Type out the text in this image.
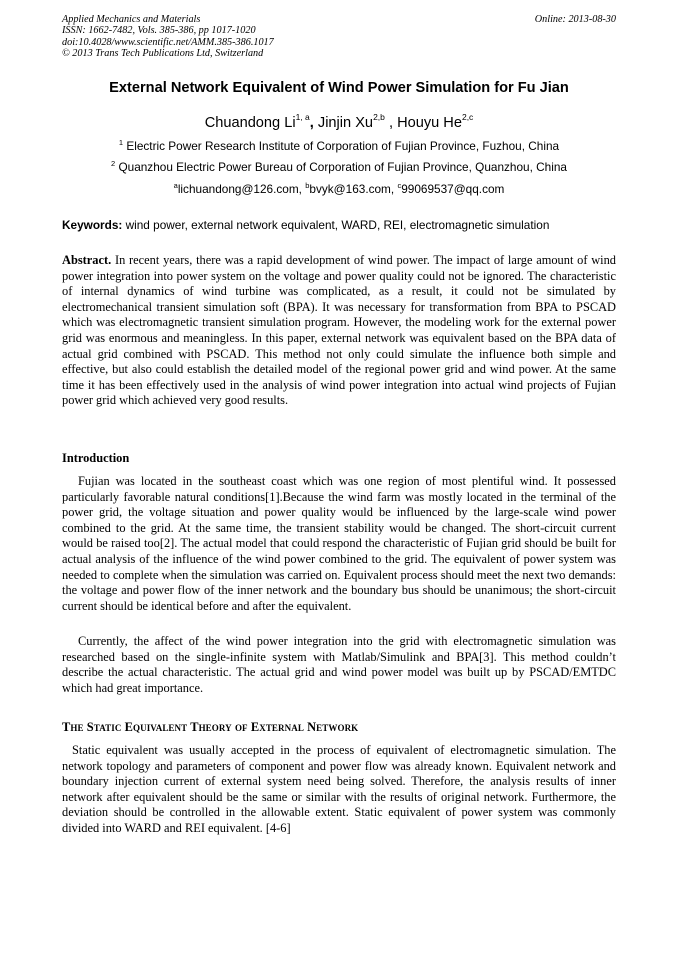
Applied Mechanics and Materials
ISSN: 1662-7482, Vols. 385-386, pp 1017-1020
doi:10.4028/www.scientific.net/AMM.385-386.1017
© 2013 Trans Tech Publications Ltd, Switzerland
Online: 2013-08-30
External Network Equivalent of Wind Power Simulation for Fu Jian
Chuandong Li$^{1, a}$, Jinjin Xu$^{2,b}$ , Houyu He$^{2,c}$
$^1$ Electric Power Research Institute of Corporation of Fujian Province, Fuzhou, China
$^2$ Quanzhou Electric Power Bureau of Corporation of Fujian Province, Quanzhou, China
$^a$lichuandong@126.com, $^b$bvyk@163.com, $^c$99069537@qq.com
Keywords: wind power, external network equivalent, WARD, REI, electromagnetic simulation

Abstract. In recent years, there was a rapid development of wind power. The impact of large amount of wind power integration into power system on the voltage and power quality could not be ignored. The characteristic of internal dynamics of wind turbine was complicated, as a result, it could not be simulated by electromechanical transient simulation soft (BPA). It was necessary for transformation from BPA to PSCAD which was electromagnetic transient simulation program. However, the modeling work for the external power grid was enormous and meaningless. In this paper, external network was equivalent based on the BPA data of actual grid combined with PSCAD. This method not only could simulate the influence both simple and effective, but also could establish the detailed model of the regional power grid and wind power. At the same time it has been effectively used in the analysis of wind power integration into actual wind projects of Fujian power grid which achieved very good results.

Introduction

Fujian was located in the southeast coast which was one region of most plentiful wind. It possessed particularly favorable natural conditions[1].Because the wind farm was mostly located in the terminal of the power grid, the voltage situation and power quality would be influenced by the large-scale wind power combined to the grid. At the same time, the transient stability would be changed. The short-circuit current would be raised too[2]. The actual model that could respond the characteristic of Fujian grid should be built for actual analysis of the influence of the wind power combined to the grid. The equivalent of power system was needed to complete when the simulation was carried on. Equivalent process should meet the next two demands: the voltage and power flow of the inner network and the boundary bus should be unanimous; the short-circuit current should be identical before and after the equivalent.

Currently, the affect of the wind power integration into the grid with electromagnetic simulation was researched based on the single-infinite system with Matlab/Simulink and BPA[3]. This method couldn’t describe the actual characteristic. The actual grid and wind power model was built up by PSCAD/EMTDC which had great importance.

The Static Equivalent Theory of External Network

Static equivalent was usually accepted in the process of equivalent of electromagnetic simulation. The network topology and parameters of component and power flow was already known. Equivalent network and boundary injection current of external system need being solved. Therefore, the analysis results of inner network after equivalent should be the same or similar with the results of original network. Furthermore, the deviation should be controlled in the allowable extent. Static equivalent of power system was commonly divided into WARD and REI equivalent. [4-6]
